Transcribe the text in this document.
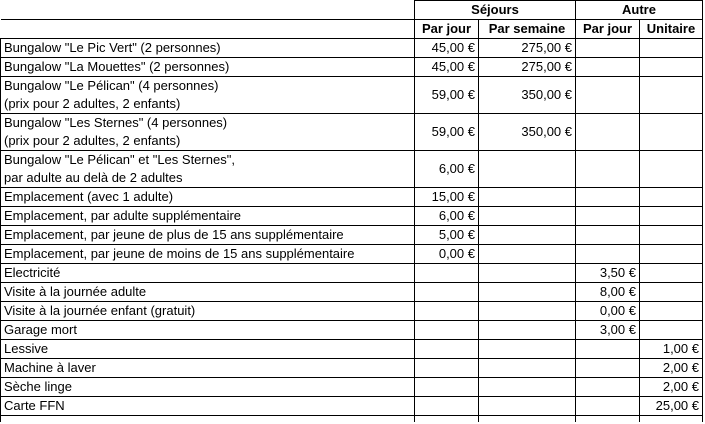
	Séjours		Autre	
	Par jour	Par semaine	Par jour	Unitaire

Bungalow "Le Pic Vert" (2 personnes)	45,00 €	275,00 €		

Bungalow "La Mouettes" (2 personnes)	45,00 €	275,00 €		

Bungalow "Le Pélican" (4 personnes)
(prix pour 2 adultes, 2 enfants)	59,00 €	350,00 €		

Bungalow "Les Sternes" (4 personnes)
(prix pour 2 adultes, 2 enfants)	59,00 €	350,00 €		

Bungalow "Le Pélican" et "Les Sternes",
par adulte au delà de 2 adultes	6,00 €			

Emplacement (avec 1 adulte)	15,00 €			

Emplacement, par adulte supplémentaire	6,00 €			

Emplacement, par jeune de plus de 15 ans supplémentaire	5,00 €			

Emplacement, par jeune de moins de 15 ans supplémentaire	0,00 €			

Electricité			3,50 €	

Visite à la journée adulte			8,00 €	

Visite à la journée enfant (gratuit)			0,00 €	

Garage mort			3,00 €	

Lessive				1,00 €

Machine à laver				2,00 €

Sèche linge				2,00 €

Carte FFN				25,00 €
